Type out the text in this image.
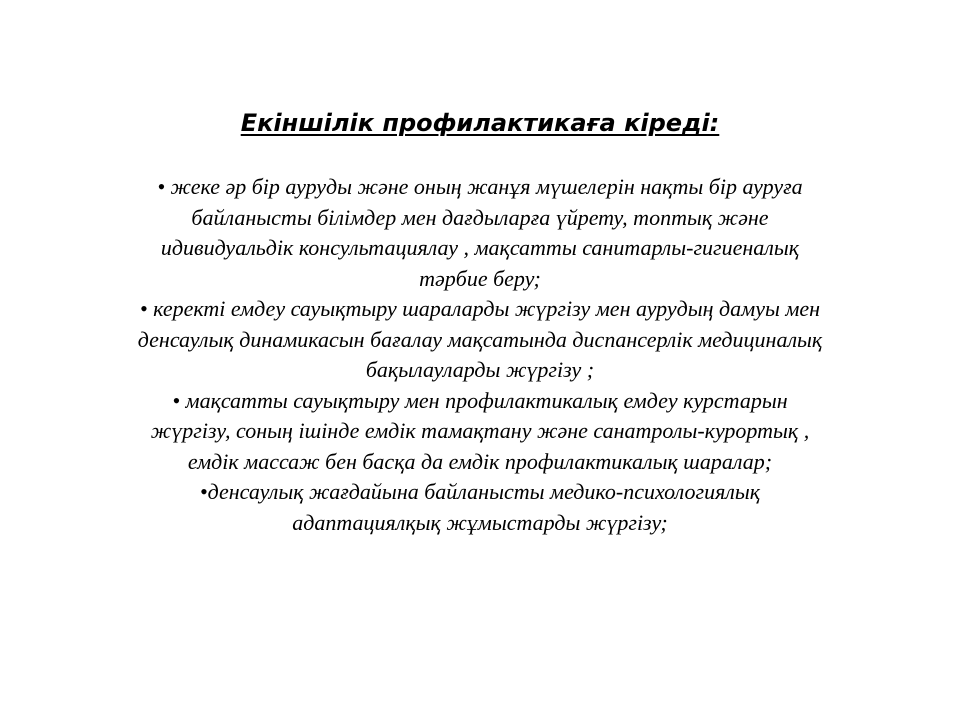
Екіншілік профилактикаға кіреді:
• жеке әр бір ауруды және оның жанұя мүшелерін нақты бір ауруға
байланысты білімдер мен дағдыларға үйрету, топтық және
идивидуальдік консультациялау , мақсатты санитарлы-гигиеналық
тәрбие беру;
• керекті емдеу сауықтыру шараларды жүргізу мен аурудың дамуы мен
денсаулық динамикасын бағалау мақсатында диспансерлік медициналық
бақылауларды жүргізу ;
• мақсатты сауықтыру мен профилактикалық емдеу курстарын
жүргізу, соның ішінде емдік тамақтану және санатролы-курортық ,
емдік массаж бен басқа да емдік профилактикалық шаралар;
•денсаулық жағдайына байланысты медико-психологиялық
адаптациялқық жұмыстарды жүргізу;
